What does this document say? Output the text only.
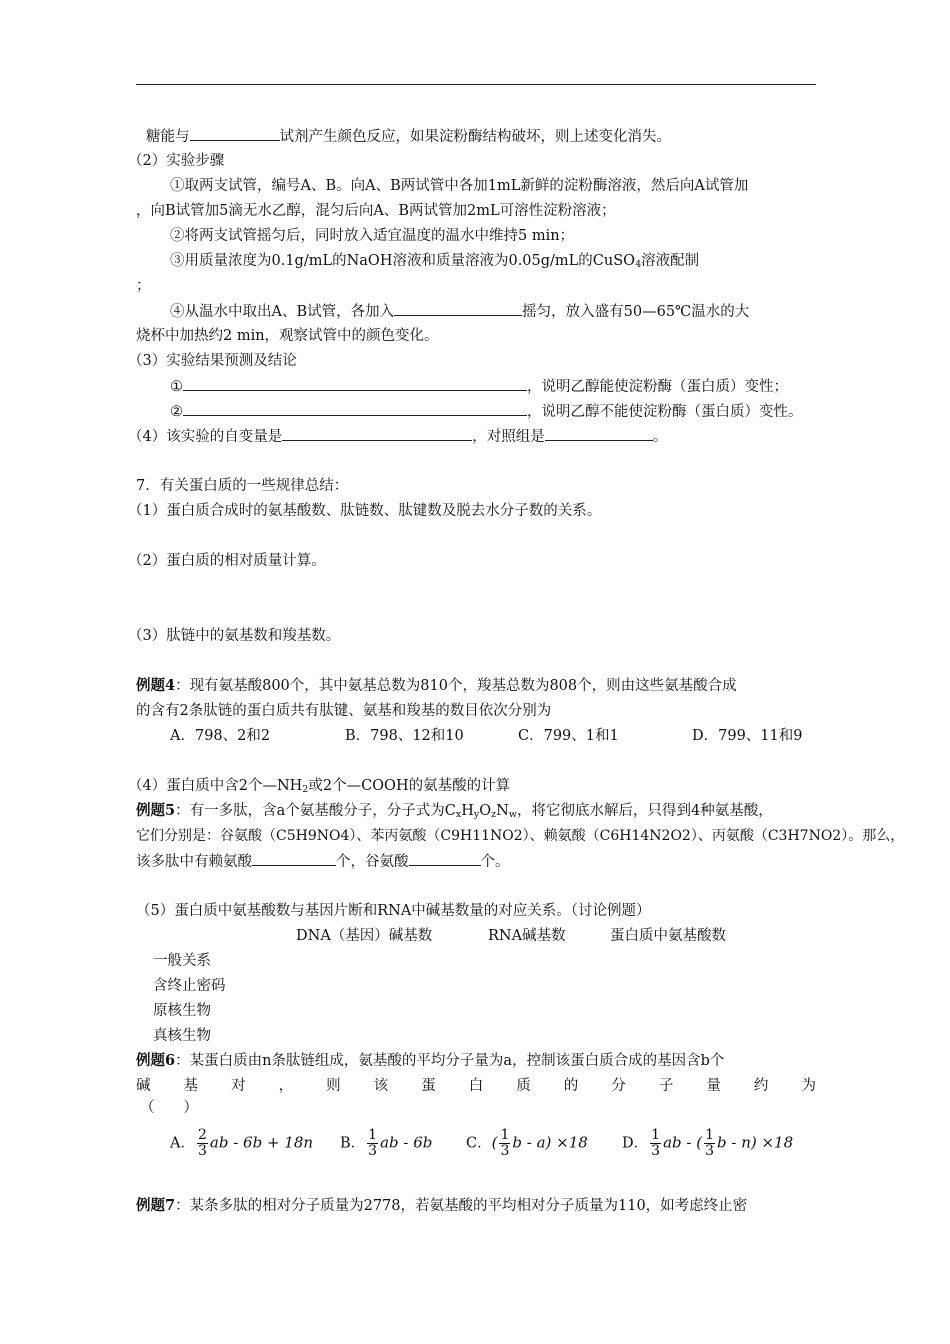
糖能与	试剂产生颜色反应，如果淀粉酶结构破坏，则上述变化消失。
（2）实验步骤
①取两支试管，编号A、B。向A、B两试管中各加1mL新鲜的淀粉酶溶液，然后向A试管加
，向B试管加5滴无水乙醇，混匀后向A、B两试管加2mL可溶性淀粉溶液；
②将两支试管摇匀后，同时放入适宜温度的温水中维持5 min；
③用质量浓度为0.1g/mL的NaOH溶液和质量溶液为0.05g/mL的CuSO$_4$溶液配制
；
④从温水中取出A、B试管，各加入	摇匀，放入盛有50—65℃温水的大
烧杯中加热约2 min，观察试管中的颜色变化。
（3）实验结果预测及结论
①	，说明乙醇能使淀粉酶（蛋白质）变性；
②	，说明乙醇不能使淀粉酶（蛋白质）变性。
（4）该实验的自变量是	，对照组是	。
7．有关蛋白质的一些规律总结：
（1）蛋白质合成时的氨基酸数、肽链数、肽键数及脱去水分子数的关系。
（2）蛋白质的相对质量计算。
（3）肽链中的氨基数和羧基数。
例题4：现有氨基酸800个，其中氨基总数为810个，羧基总数为808个，则由这些氨基酸合成
的含有2条肽链的蛋白质共有肽键、氨基和羧基的数目依次分别为
A．798、2和2	B．798、12和10	C．799、1和1	D．799、11和9
（4）蛋白质中含2个$—NH_2$或2个—COOH的氨基酸的计算
例题5：有一多肽，含a个氨基酸分子，分子式为$C_xH_yO_zN_w$，将它彻底水解后，只得到4种氨基酸，
它们分别是：谷氨酸（C5H9NO4）、苯丙氨酸（C9H11NO2）、赖氨酸（C6H14N2O2）、丙氨酸（C3H7NO2）。那么，
该多肽中有赖氨酸	个，谷氨酸	个。
（5）蛋白质中氨基酸数与基因片断和RNA中碱基数量的对应关系。（讨论例题）
DNA（基因）碱基数	RNA碱基数	蛋白质中氨基酸数
一般关系
含终止密码
原核生物
真核生物
例题6：某蛋白质由n条肽链组成，氨基酸的平均分子量为a，控制该蛋白质合成的基因含b个
碱 基 对 ， 则 该 蛋 白 质 的 分 子 量 约 为
（　　）
A． $\frac{2}{3}$ ab - 6b + 18n B． $\frac{1}{3}$ ab - 6b C．( $\frac{1}{3}$ b - a) ×18 D． $\frac{1}{3}$ ab - ( $\frac{1}{3}$ b - n) ×18
例题7：某条多肽的相对分子质量为2778，若氨基酸的平均相对分子质量为110，如考虑终止密
